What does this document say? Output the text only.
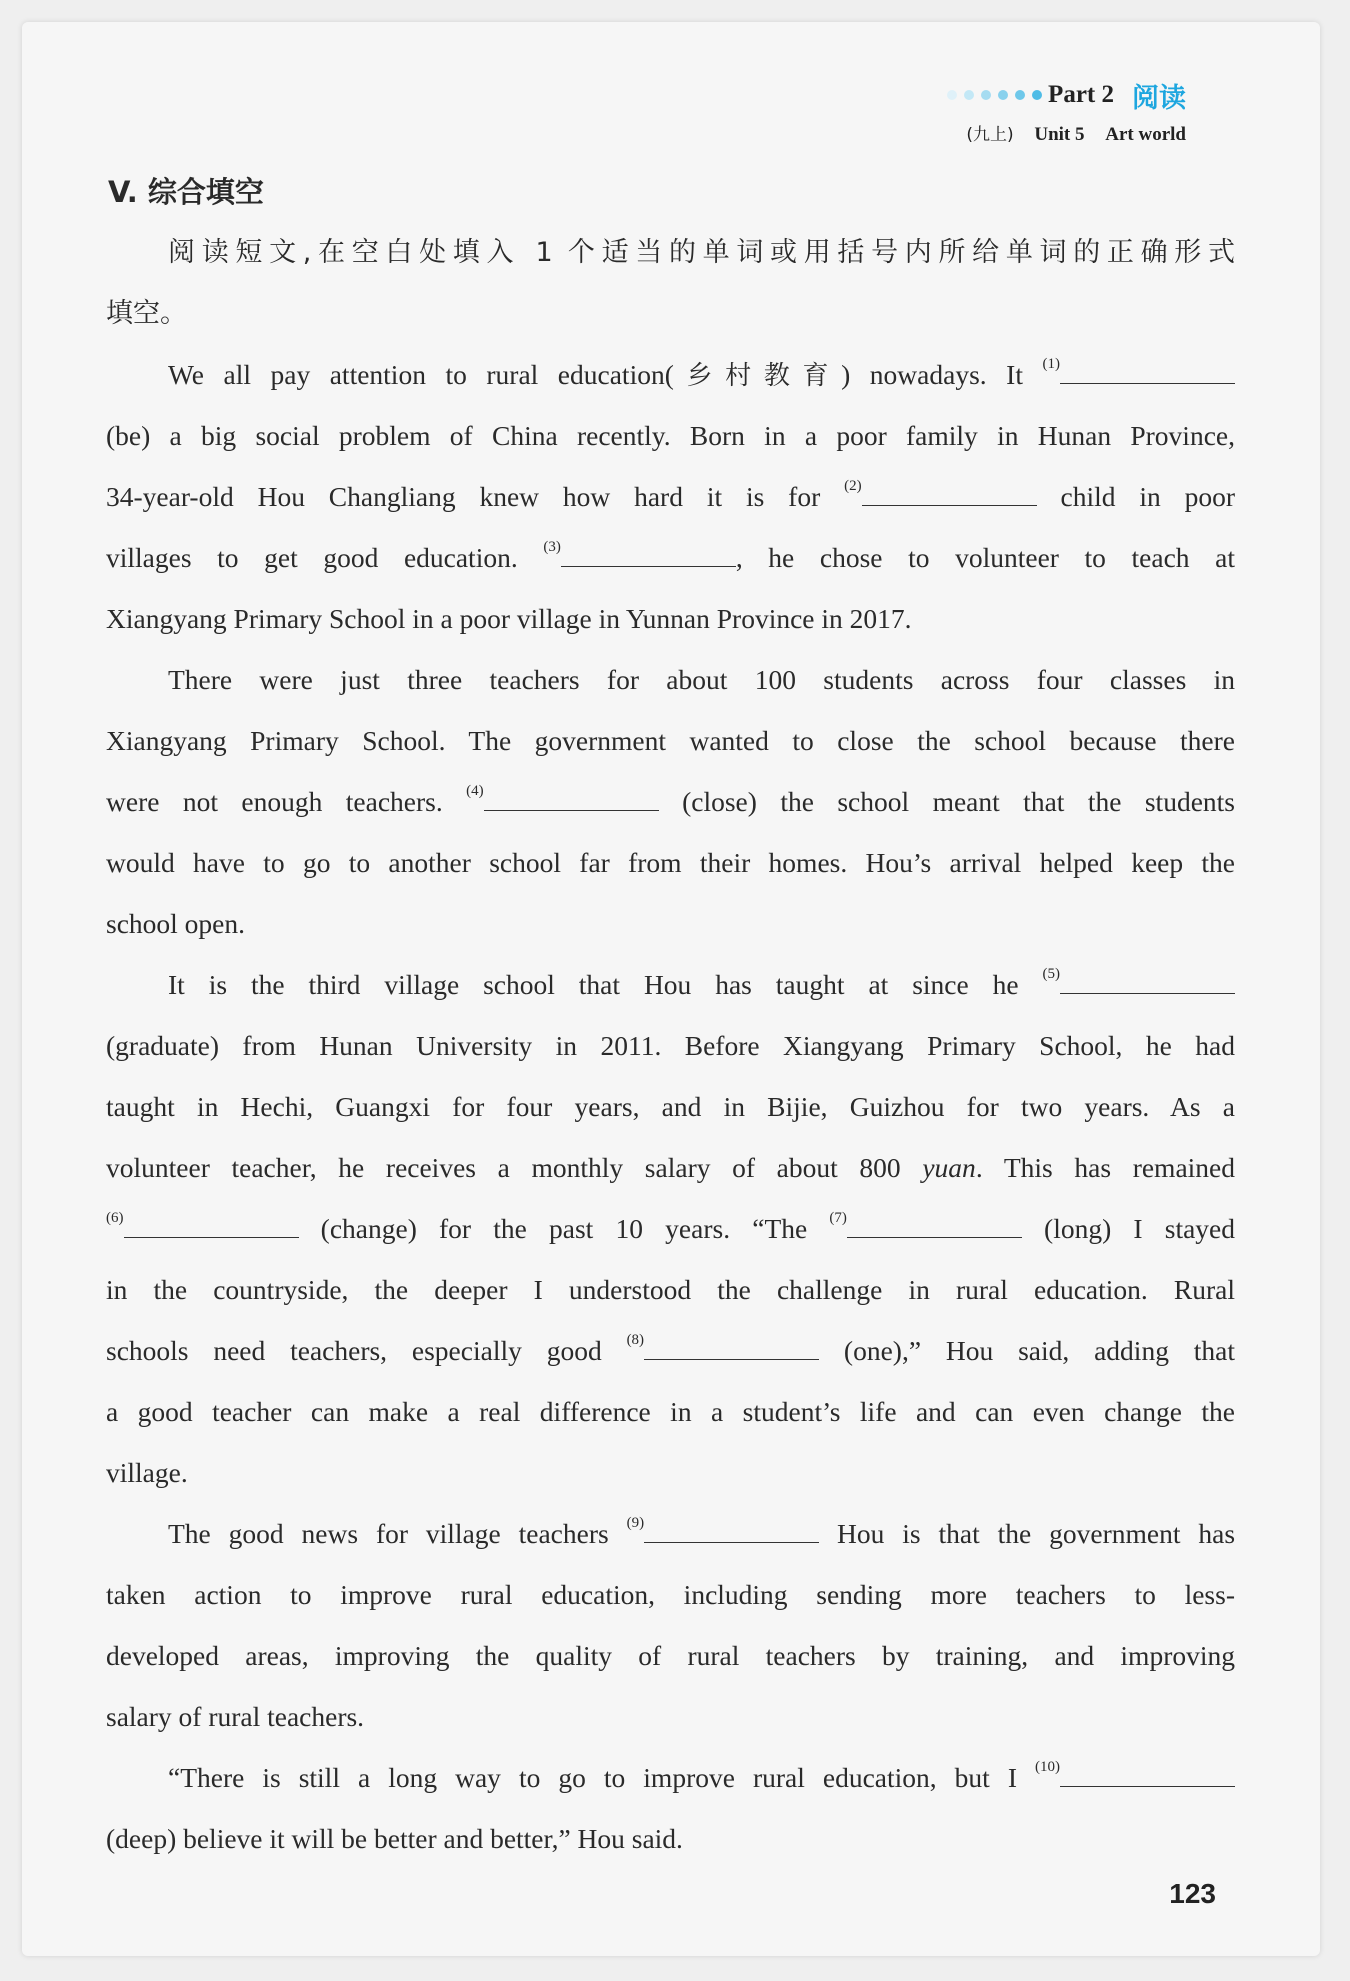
Part 2 阅读
(九上) Unit 5 Art world
V. 综合填空
阅读短文,在空白处填入 1 个适当的单词或用括号内所给单词的正确形式
填空。
We all pay attention to rural education(乡村教育) nowadays. It $^{(1)}$
(be) a big social problem of China recently. Born in a poor family in Hunan Province,
34-year-old Hou Changliang knew how hard it is for $^{(2)}$	child in poor
villages to get good education. $^{(3)}$	, he chose to volunteer to teach at
Xiangyang Primary School in a poor village in Yunnan Province in 2017.
There were just three teachers for about 100 students across four classes in
Xiangyang Primary School. The government wanted to close the school because there
were not enough teachers. $^{(4)}$	(close) the school meant that the students
would have to go to another school far from their homes. Hou’s arrival helped keep the
school open.
It is the third village school that Hou has taught at since he $^{(5)}$
(graduate) from Hunan University in 2011. Before Xiangyang Primary School, he had
taught in Hechi, Guangxi for four years, and in Bijie, Guizhou for two years. As a
volunteer teacher, he receives a monthly salary of about 800 yuan. This has remained
$^{(6)}$	(change) for the past 10 years. “The $^{(7)}$	(long) I stayed
in the countryside, the deeper I understood the challenge in rural education. Rural
schools need teachers, especially good $^{(8)}$	(one),” Hou said, adding that
a good teacher can make a real difference in a student’s life and can even change the
village.
The good news for village teachers $^{(9)}$	Hou is that the government has
taken action to improve rural education, including sending more teachers to less-
developed areas, improving the quality of rural teachers by training, and improving
salary of rural teachers.
“There is still a long way to go to improve rural education, but I $^{(10)}$
(deep) believe it will be better and better,” Hou said.
123
